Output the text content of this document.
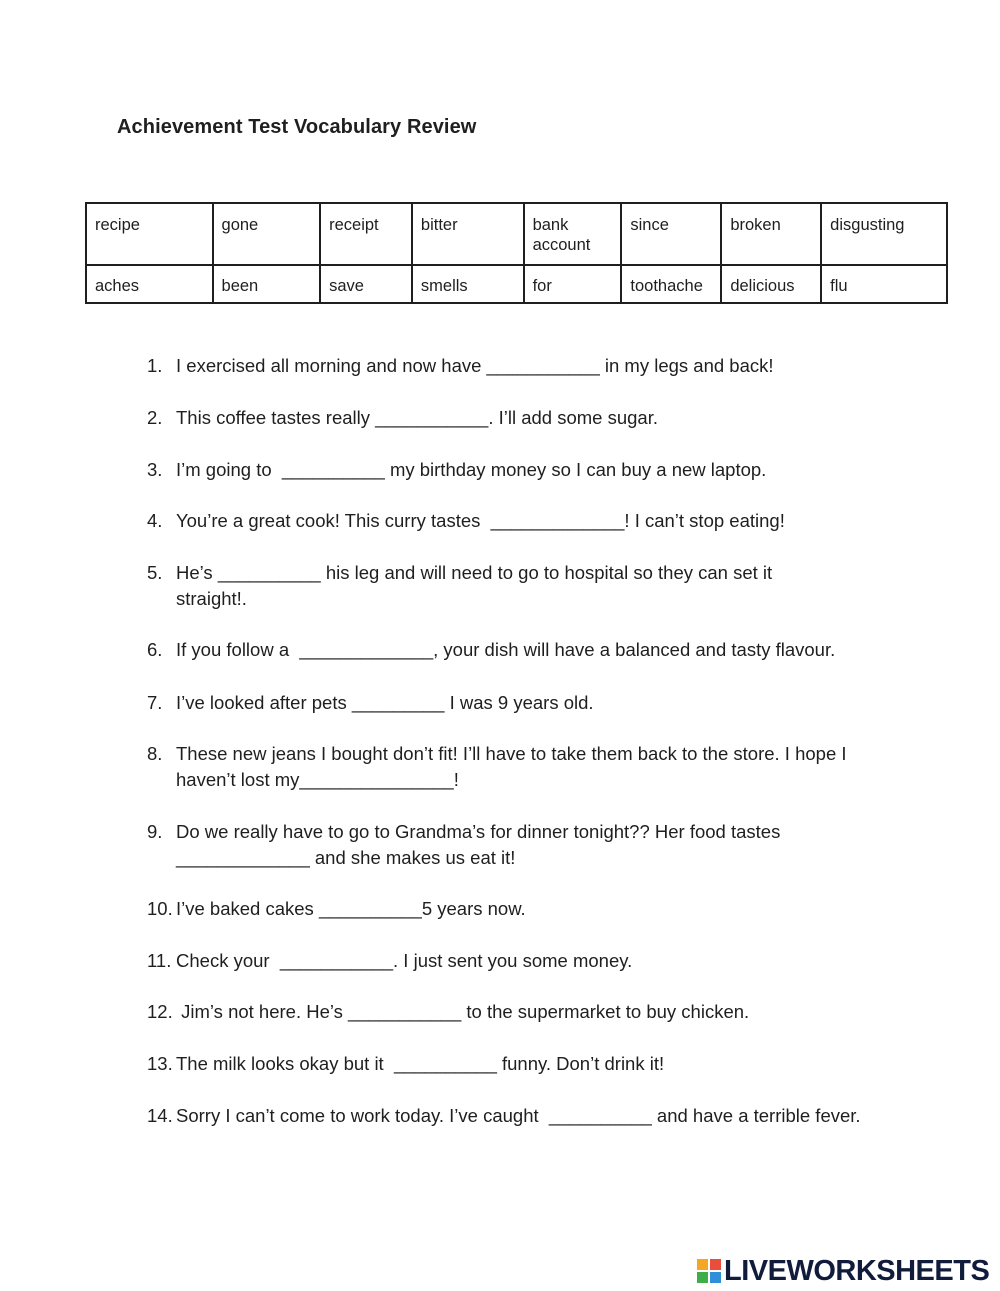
Achievement Test Vocabulary Review
recipe	gone	receipt	bitter	bank account	since	broken	disgusting
aches	been	save	smells	for	toothache	delicious	flu
1. I exercised all morning and now have ___________ in my legs and back!
2. This coffee tastes really ___________. I’ll add some sugar.
3. I’m going to  __________ my birthday money so I can buy a new laptop.
4. You’re a great cook! This curry tastes  _____________! I can’t stop eating!
5. He’s __________ his leg and will need to go to hospital so they can set it straight!.
6. If you follow a  _____________, your dish will have a balanced and tasty flavour.
7. I’ve looked after pets _________ I was 9 years old.
8. These new jeans I bought don’t fit! I’ll have to take them back to the store. I hope I haven’t lost my_______________!
9. Do we really have to go to Grandma’s for dinner tonight?? Her food tastes _____________ and she makes us eat it!
10. I’ve baked cakes __________5 years now.
11. Check your  ___________. I just sent you some money.
12. Jim’s not here. He’s ___________ to the supermarket to buy chicken.
13. The milk looks okay but it  __________ funny. Don’t drink it!
14. Sorry I can’t come to work today. I’ve caught  __________ and have a terrible fever.
LIVEWORKSHEETS
